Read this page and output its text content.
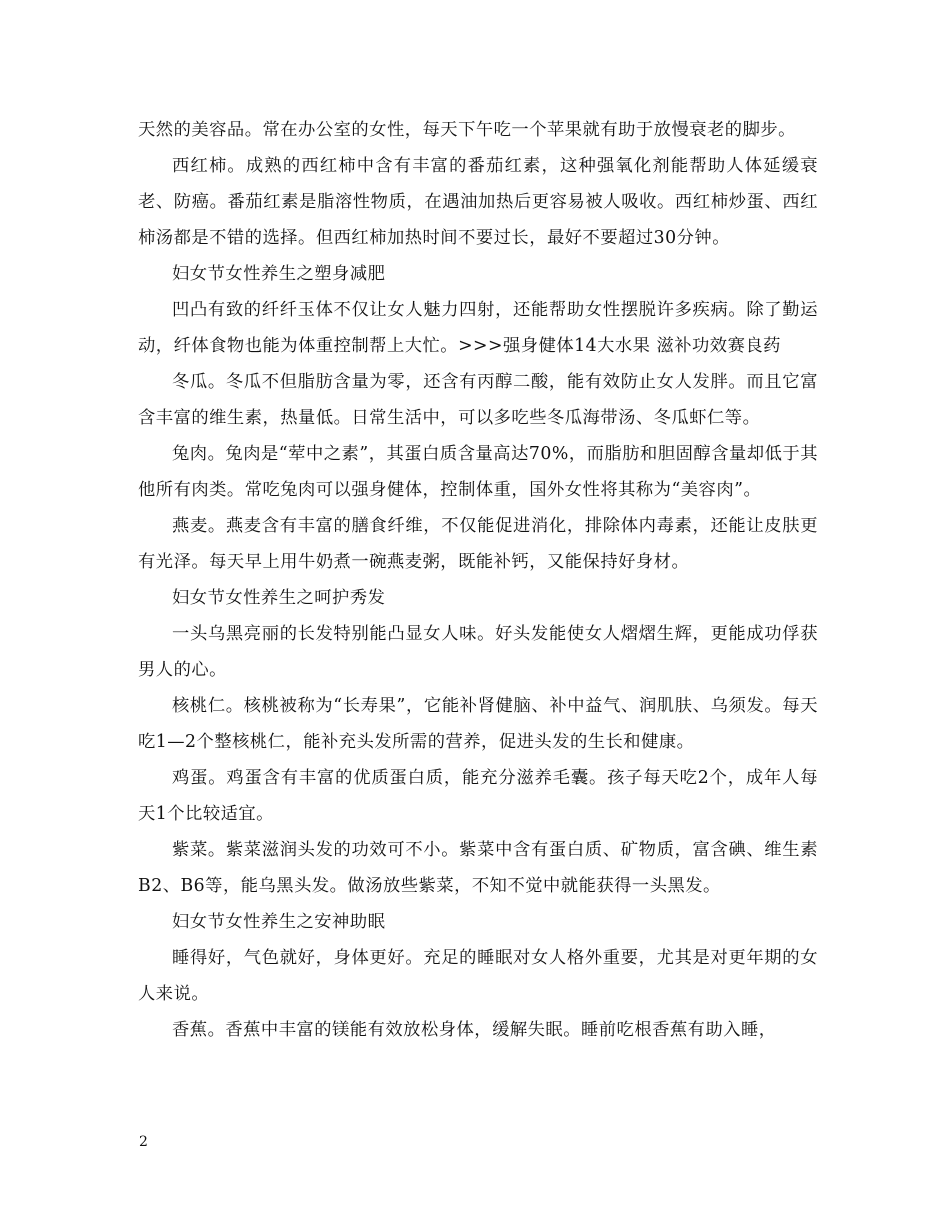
天然的美容品。常在办公室的女性，每天下午吃一个苹果就有助于放慢衰老的脚步。

西红柿。成熟的西红柿中含有丰富的番茄红素，这种强氧化剂能帮助人体延缓衰老、防癌。番茄红素是脂溶性物质，在遇油加热后更容易被人吸收。西红柿炒蛋、西红柿汤都是不错的选择。但西红柿加热时间不要过长，最好不要超过30分钟。

妇女节女性养生之塑身减肥

凹凸有致的纤纤玉体不仅让女人魅力四射，还能帮助女性摆脱许多疾病。除了勤运动，纤体食物也能为体重控制帮上大忙。>>>强身健体14大水果 滋补功效赛良药

冬瓜。冬瓜不但脂肪含量为零，还含有丙醇二酸，能有效防止女人发胖。而且它富含丰富的维生素，热量低。日常生活中，可以多吃些冬瓜海带汤、冬瓜虾仁等。

兔肉。兔肉是“荤中之素”，其蛋白质含量高达70%，而脂肪和胆固醇含量却低于其他所有肉类。常吃兔肉可以强身健体，控制体重，国外女性将其称为“美容肉”。

燕麦。燕麦含有丰富的膳食纤维，不仅能促进消化，排除体内毒素，还能让皮肤更有光泽。每天早上用牛奶煮一碗燕麦粥，既能补钙，又能保持好身材。

妇女节女性养生之呵护秀发

一头乌黑亮丽的长发特别能凸显女人味。好头发能使女人熠熠生辉，更能成功俘获男人的心。

核桃仁。核桃被称为“长寿果”，它能补肾健脑、补中益气、润肌肤、乌须发。每天吃1—2个整核桃仁，能补充头发所需的营养，促进头发的生长和健康。

鸡蛋。鸡蛋含有丰富的优质蛋白质，能充分滋养毛囊。孩子每天吃2个，成年人每天1个比较适宜。

紫菜。紫菜滋润头发的功效可不小。紫菜中含有蛋白质、矿物质，富含碘、维生素B2、B6等，能乌黑头发。做汤放些紫菜，不知不觉中就能获得一头黑发。

妇女节女性养生之安神助眠

睡得好，气色就好，身体更好。充足的睡眠对女人格外重要，尤其是对更年期的女人来说。

香蕉。香蕉中丰富的镁能有效放松身体，缓解失眠。睡前吃根香蕉有助入睡，

2
